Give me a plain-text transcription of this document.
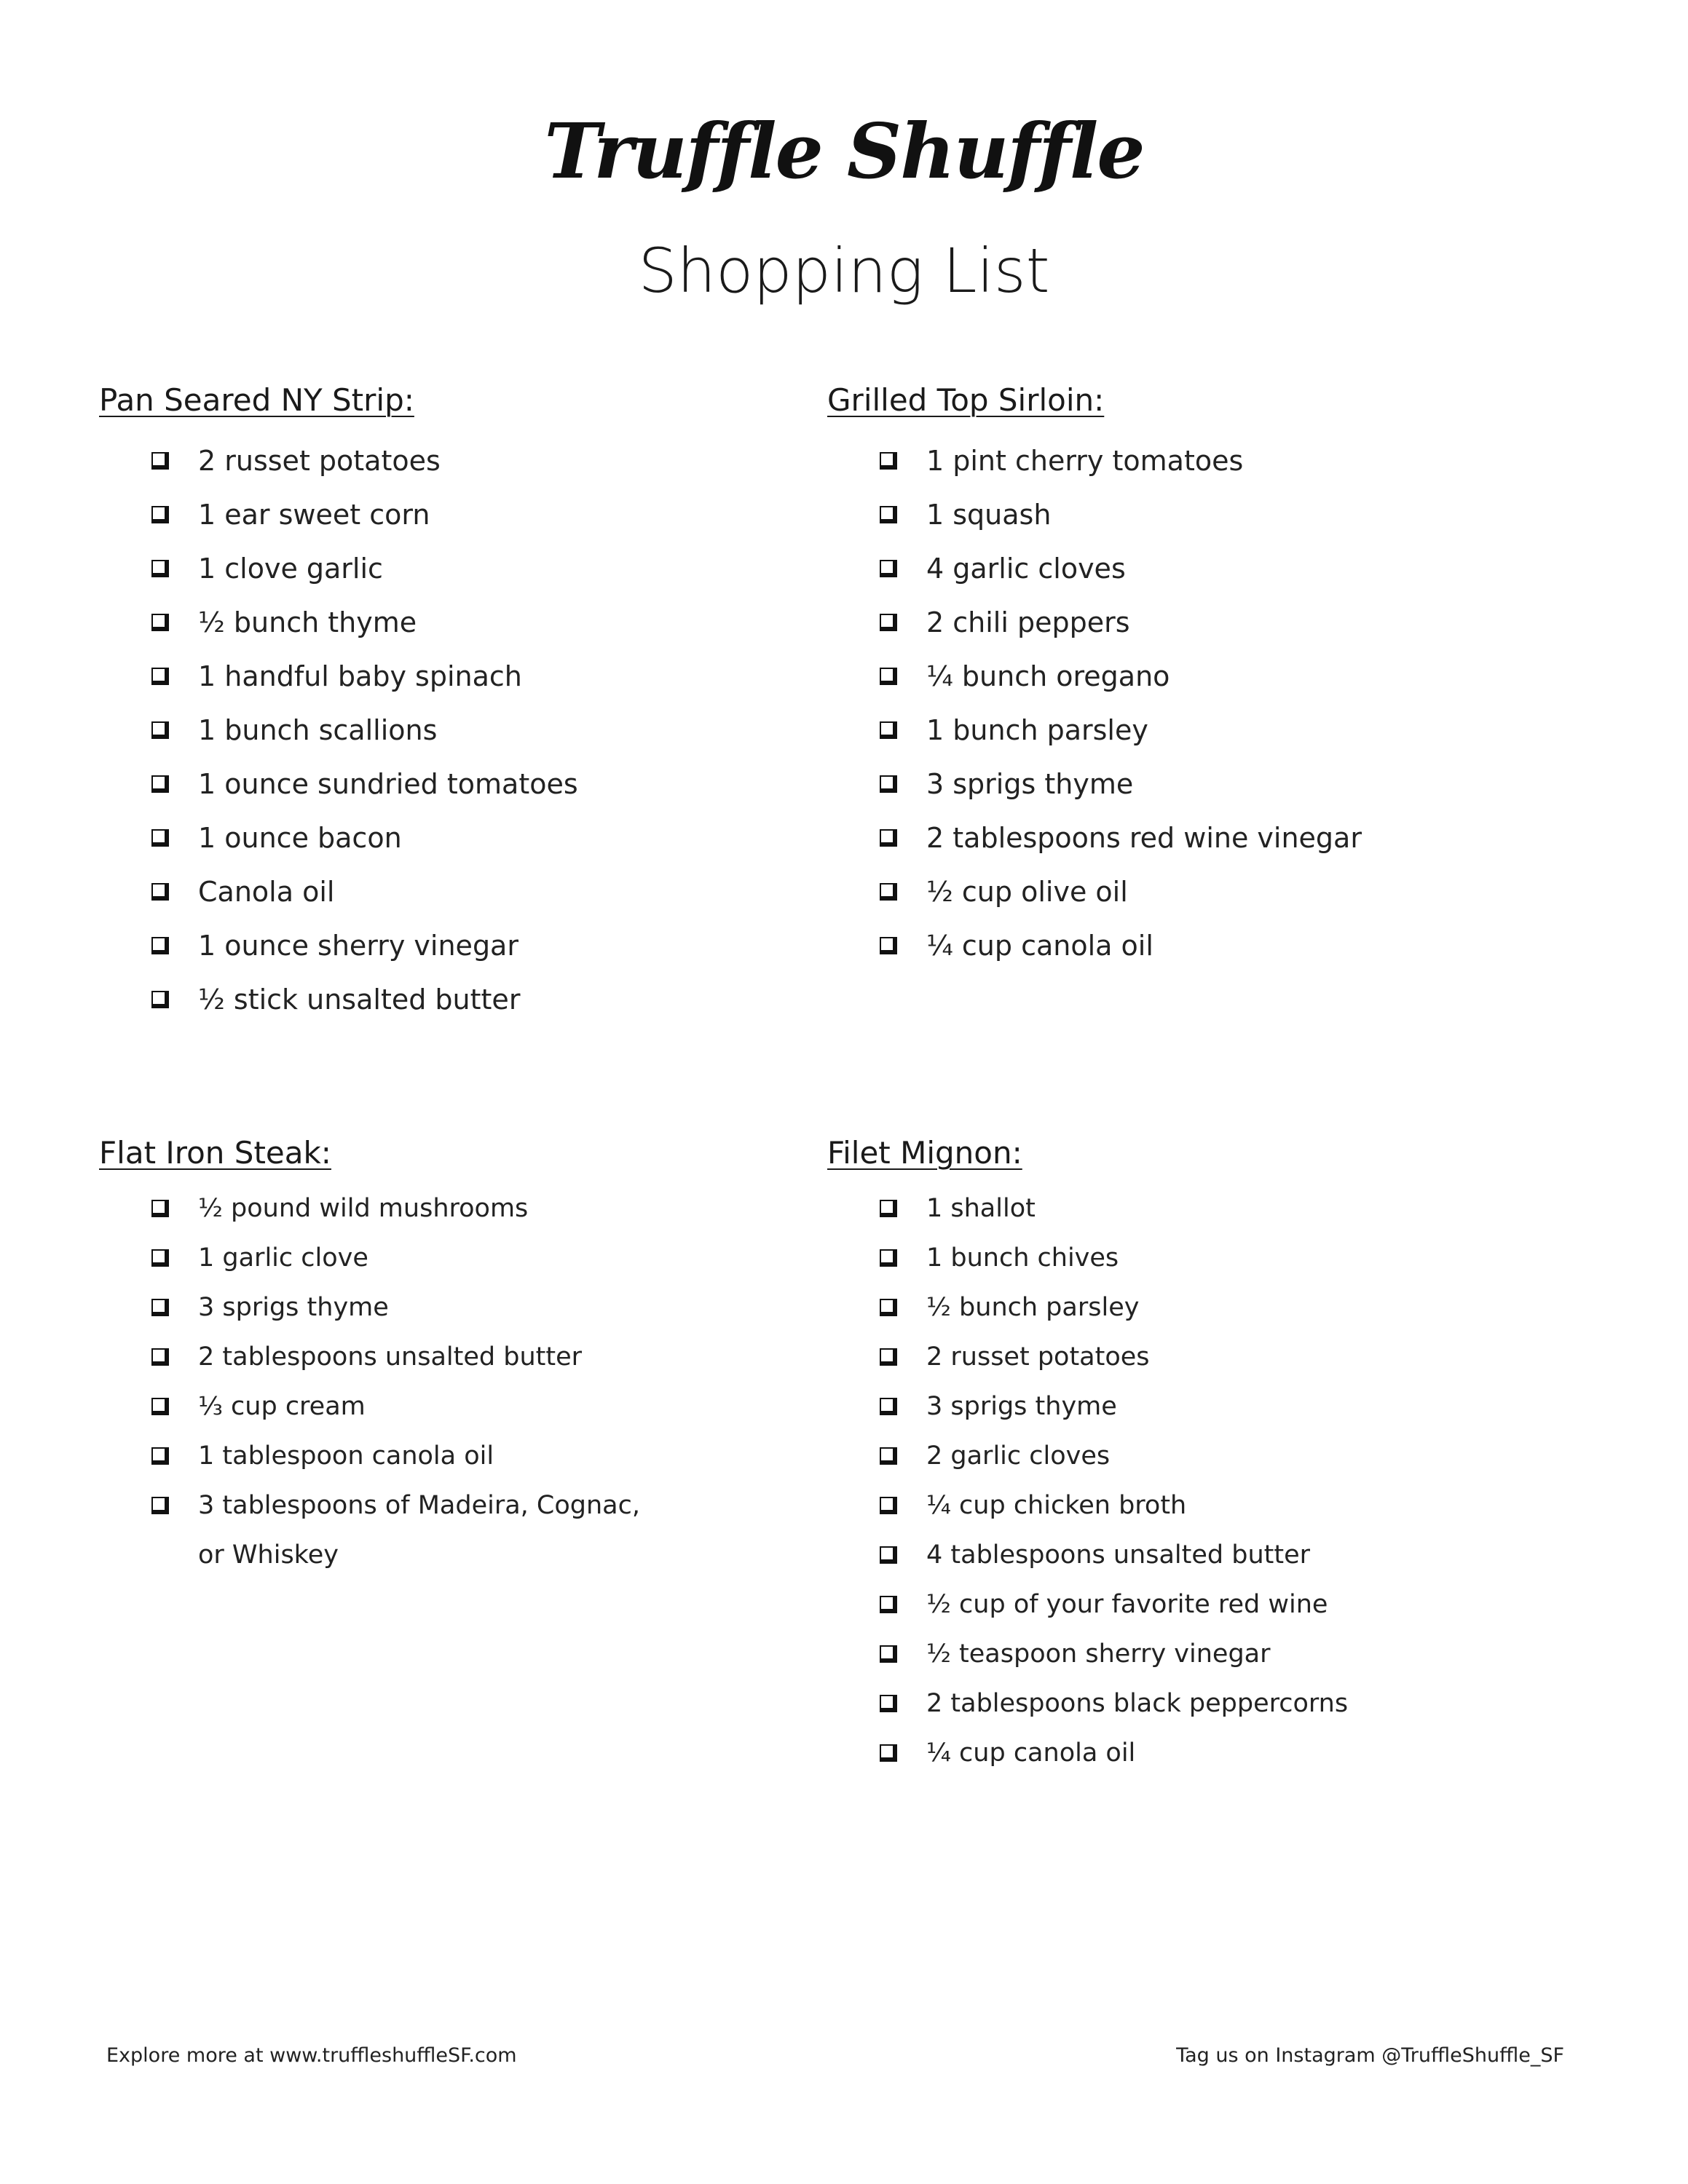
Truffle Shuffle
Shopping List
Pan Seared NY Strip:
2 russet potatoes
1 ear sweet corn
1 clove garlic
½ bunch thyme
1 handful baby spinach
1 bunch scallions
1 ounce sundried tomatoes
1 ounce bacon
Canola oil
1 ounce sherry vinegar
½ stick unsalted butter
Grilled Top Sirloin:
1 pint cherry tomatoes
1 squash
4 garlic cloves
2 chili peppers
¼ bunch oregano
1 bunch parsley
3 sprigs thyme
2 tablespoons red wine vinegar
½ cup olive oil
¼ cup canola oil
Flat Iron Steak:
½ pound wild mushrooms
1 garlic clove
3 sprigs thyme
2 tablespoons unsalted butter
⅓ cup cream
1 tablespoon canola oil
3 tablespoons of Madeira, Cognac,
or Whiskey
Filet Mignon:
1 shallot
1 bunch chives
½ bunch parsley
2 russet potatoes
3 sprigs thyme
2 garlic cloves
¼ cup chicken broth
4 tablespoons unsalted butter
½ cup of your favorite red wine
½ teaspoon sherry vinegar
2 tablespoons black peppercorns
¼ cup canola oil
Explore more at www.truffleshuffleSF.com	Tag us on Instagram @TruffleShuffle_SF
